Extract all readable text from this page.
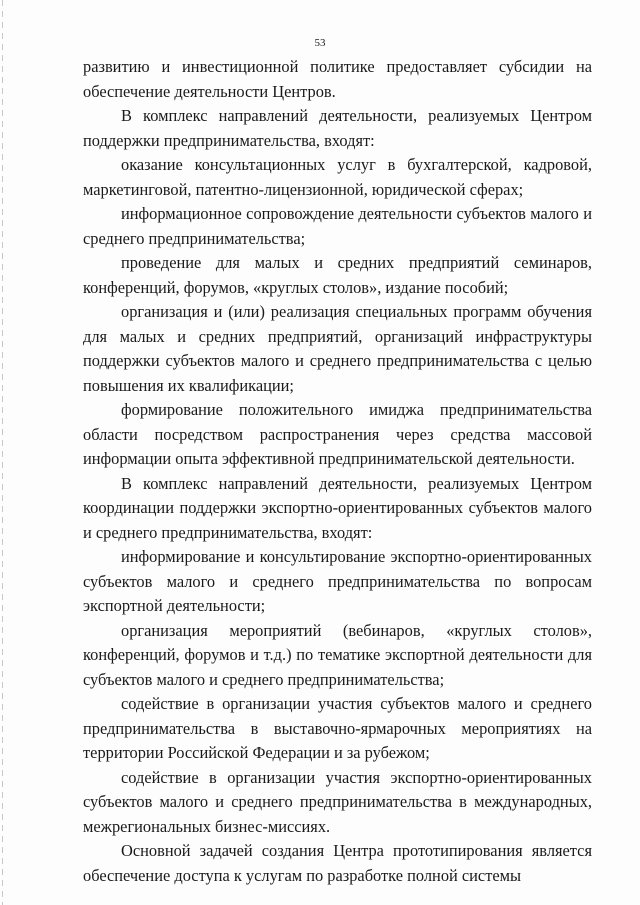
53

развитию и инвестиционной политике предоставляет субсидии на обеспечение деятельности Центров.

В комплекс направлений деятельности, реализуемых Центром поддержки предпринимательства, входят:

оказание консультационных услуг в бухгалтерской, кадровой, маркетинговой, патентно-лицензионной, юридической сферах;

информационное сопровождение деятельности субъектов малого и среднего предпринимательства;

проведение для малых и средних предприятий семинаров, конференций, форумов, «круглых столов», издание пособий;

организация и (или) реализация специальных программ обучения для малых и средних предприятий, организаций инфраструктуры поддержки субъектов малого и среднего предпринимательства с целью повышения их квалификации;

формирование положительного имиджа предпринимательства области посредством распространения через средства массовой информации опыта эффективной предпринимательской деятельности.

В комплекс направлений деятельности, реализуемых Центром координации поддержки экспортно-ориентированных субъектов малого и среднего предпринимательства, входят:

информирование и консультирование экспортно-ориентированных субъектов малого и среднего предпринимательства по вопросам экспортной деятельности;

организация мероприятий (вебинаров, «круглых столов», конференций, форумов и т.д.) по тематике экспортной деятельности для субъектов малого и среднего предпринимательства;

содействие в организации участия субъектов малого и среднего предпринимательства в выставочно-ярмарочных мероприятиях на территории Российской Федерации и за рубежом;

содействие в организации участия экспортно-ориентированных субъектов малого и среднего предпринимательства в международных, межрегиональных бизнес-миссиях.

Основной задачей создания Центра прототипирования является обеспечение доступа к услугам по разработке полной системы
